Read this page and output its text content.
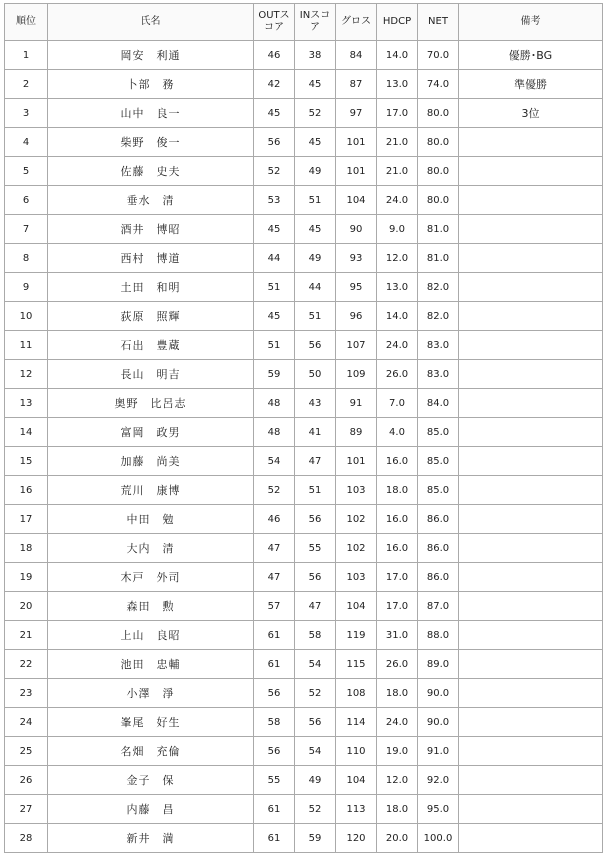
順位	氏名	OUTスコア	INスコア	グロス	HDCP	NET	備考
1	岡安　利通	46	38	84	14.0	70.0	優勝･BG
2	卜部　務	42	45	87	13.0	74.0	準優勝
3	山中　良一	45	52	97	17.0	80.0	3位
4	柴野　俊一	56	45	101	21.0	80.0	
5	佐藤　史夫	52	49	101	21.0	80.0	
6	垂水　清	53	51	104	24.0	80.0	
7	酒井　博昭	45	45	90	9.0	81.0	
8	西村　博道	44	49	93	12.0	81.0	
9	土田　和明	51	44	95	13.0	82.0	
10	荻原　照輝	45	51	96	14.0	82.0	
11	石出　豊蔵	51	56	107	24.0	83.0	
12	長山　明吉	59	50	109	26.0	83.0	
13	奥野　比呂志	48	43	91	7.0	84.0	
14	富岡　政男	48	41	89	4.0	85.0	
15	加藤　尚美	54	47	101	16.0	85.0	
16	荒川　康博	52	51	103	18.0	85.0	
17	中田　勉	46	56	102	16.0	86.0	
18	大内　清	47	55	102	16.0	86.0	
19	木戸　外司	47	56	103	17.0	86.0	
20	森田　勲	57	47	104	17.0	87.0	
21	上山　良昭	61	58	119	31.0	88.0	
22	池田　忠輔	61	54	115	26.0	89.0	
23	小澤　淨	56	52	108	18.0	90.0	
24	峯尾　好生	58	56	114	24.0	90.0	
25	名畑　充倫	56	54	110	19.0	91.0	
26	金子　保	55	49	104	12.0	92.0	
27	内藤　昌	61	52	113	18.0	95.0	
28	新井　満	61	59	120	20.0	100.0	
